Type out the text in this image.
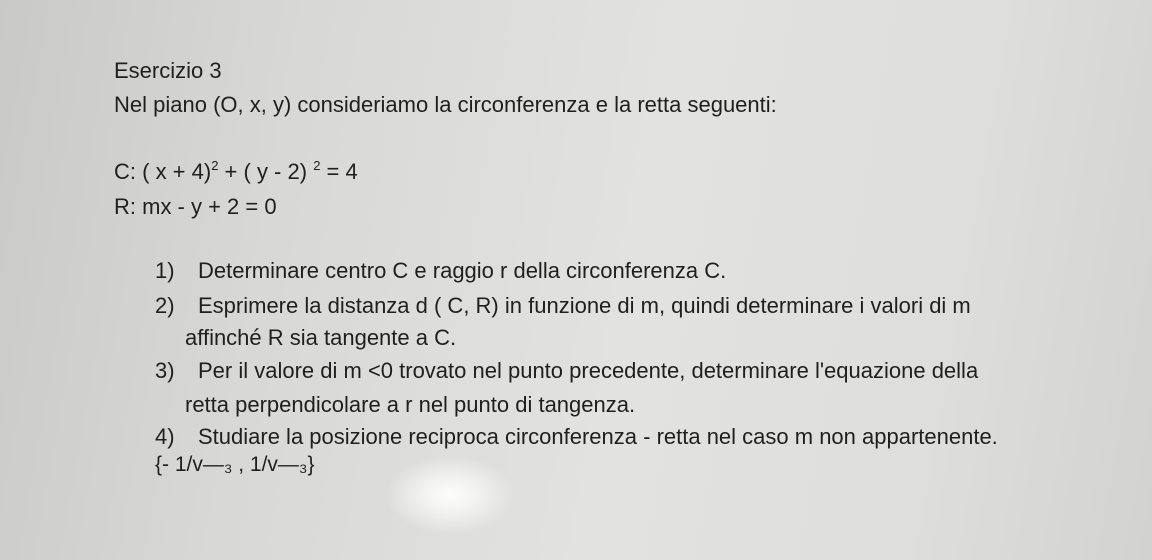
Esercizio 3
Nel piano (O, x, y) consideriamo la circonferenza e la retta seguenti:
C: ( x + 4)$^2$ + ( y - 2) $^2$ = 4
R: mx - y + 2 = 0
1) Determinare centro C e raggio r della circonferenza C.
2) Esprimere la distanza d ( C, R) in funzione di m, quindi determinare i valori di m
affinché R sia tangente a C.
3) Per il valore di m <0 trovato nel punto precedente, determinare l'equazione della
retta perpendicolare a r nel punto di tangenza.
4) Studiare la posizione reciproca circonferenza - retta nel caso m non appartenente.
{- 1/v—₃ , 1/v—₃}
